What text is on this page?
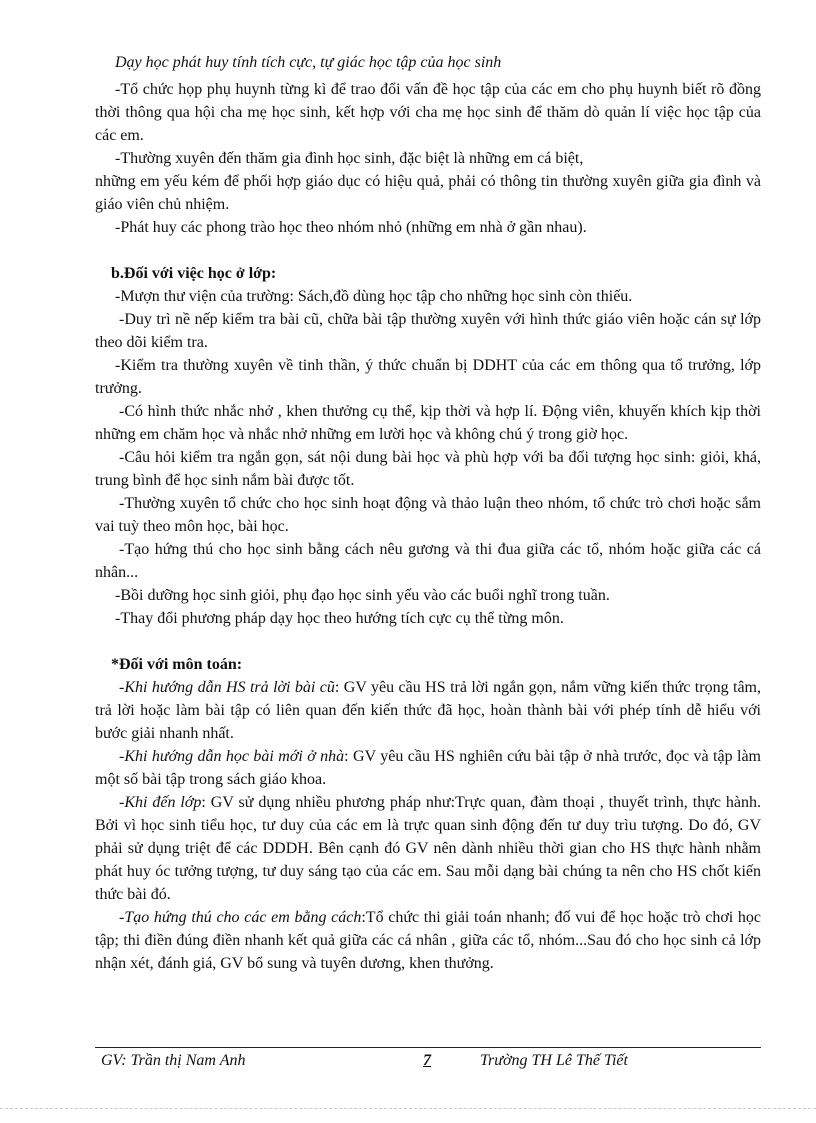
Dạy học phát huy tính tích cực, tự giác học tập của học sinh

-Tổ chức họp phụ huynh từng kì để trao đổi vấn đề học tập của các em cho phụ huynh biết rõ đồng thời thông qua hội cha mẹ học sinh, kết hợp với cha mẹ học sinh để thăm dò quản lí việc học tập của các em.

-Thường xuyên đến thăm gia đình học sinh, đặc biệt là những em cá biệt,

những em yếu kém để phối hợp giáo dục có hiệu quả, phải có thông tin thường xuyên giữa gia đình và giáo viên chủ nhiệm.

-Phát huy các phong trào học theo nhóm nhỏ (những em nhà ở gần nhau).

b.Đối với việc học ở lớp:

-Mượn thư viện của trường: Sách,đồ dùng học tập cho những học sinh còn thiếu.

-Duy trì nề nếp kiểm tra bài cũ, chữa bài tập thường xuyên với hình thức giáo viên hoặc cán sự lớp theo dõi kiểm tra.

-Kiểm tra thường xuyên về tinh thần, ý thức chuẩn bị DDHT của các em thông qua tổ trưởng, lớp trưởng.

-Có hình thức nhắc nhở , khen thưởng cụ thể, kịp thời và hợp lí. Động viên, khuyến khích kịp thời những em chăm học và nhắc nhở những em lười học và không chú ý trong giờ học.

-Câu hỏi kiểm tra ngắn gọn, sát nội dung bài học và phù hợp với ba đối tượng học sinh: giỏi, khá, trung bình để học sinh nắm bài được tốt.

-Thường xuyên tổ chức cho học sinh hoạt động và thảo luận theo nhóm, tổ chức trò chơi hoặc sắm vai tuỳ theo môn học, bài học.

-Tạo hứng thú cho học sinh bằng cách nêu gương và thi đua giữa các tổ, nhóm hoặc giữa các cá nhân...

-Bồi dưỡng học sinh giỏi, phụ đạo học sinh yếu vào các buổi nghĩ trong tuần.

-Thay đổi phương pháp dạy học theo hướng tích cực cụ thể từng môn.

*Đối với môn toán:

-Khi hướng dẫn HS trả lời bài cũ: GV yêu cầu HS trả lời ngắn gọn, nắm vững kiến thức trọng tâm, trả lời hoặc làm bài tập có liên quan đến kiến thức đã học, hoàn thành bài với phép tính dễ hiểu với bước giải nhanh nhất.

-Khi hướng dẫn học bài mới ở nhà: GV yêu cầu HS nghiên cứu bài tập ở nhà trước, đọc và tập làm một số bài tập trong sách giáo khoa.

-Khi đến lớp: GV sử dụng nhiều phương pháp như:Trực quan, đàm thoại , thuyết trình, thực hành. Bởi vì học sinh tiểu học, tư duy của các em là trực quan sinh động đến tư duy trìu tượng. Do đó, GV phải sử dụng triệt để các DDDH. Bên cạnh đó GV nên dành nhiều thời gian cho HS thực hành nhằm phát huy óc tưởng tượng, tư duy sáng tạo của các em. Sau mỗi dạng bài chúng ta nên cho HS chốt kiến thức bài đó.

-Tạo hứng thú cho các em bằng cách:Tổ chức thi giải toán nhanh; đố vui để học hoặc trò chơi học tập; thi điền đúng điền nhanh kết quả giữa các cá nhân , giữa các tổ, nhóm...Sau đó cho học sinh cả lớp nhận xét, đánh giá, GV bổ sung và tuyên dương, khen thưởng.

GV: Trần thị Nam Anh	7	Trường TH Lê Thế Tiết
